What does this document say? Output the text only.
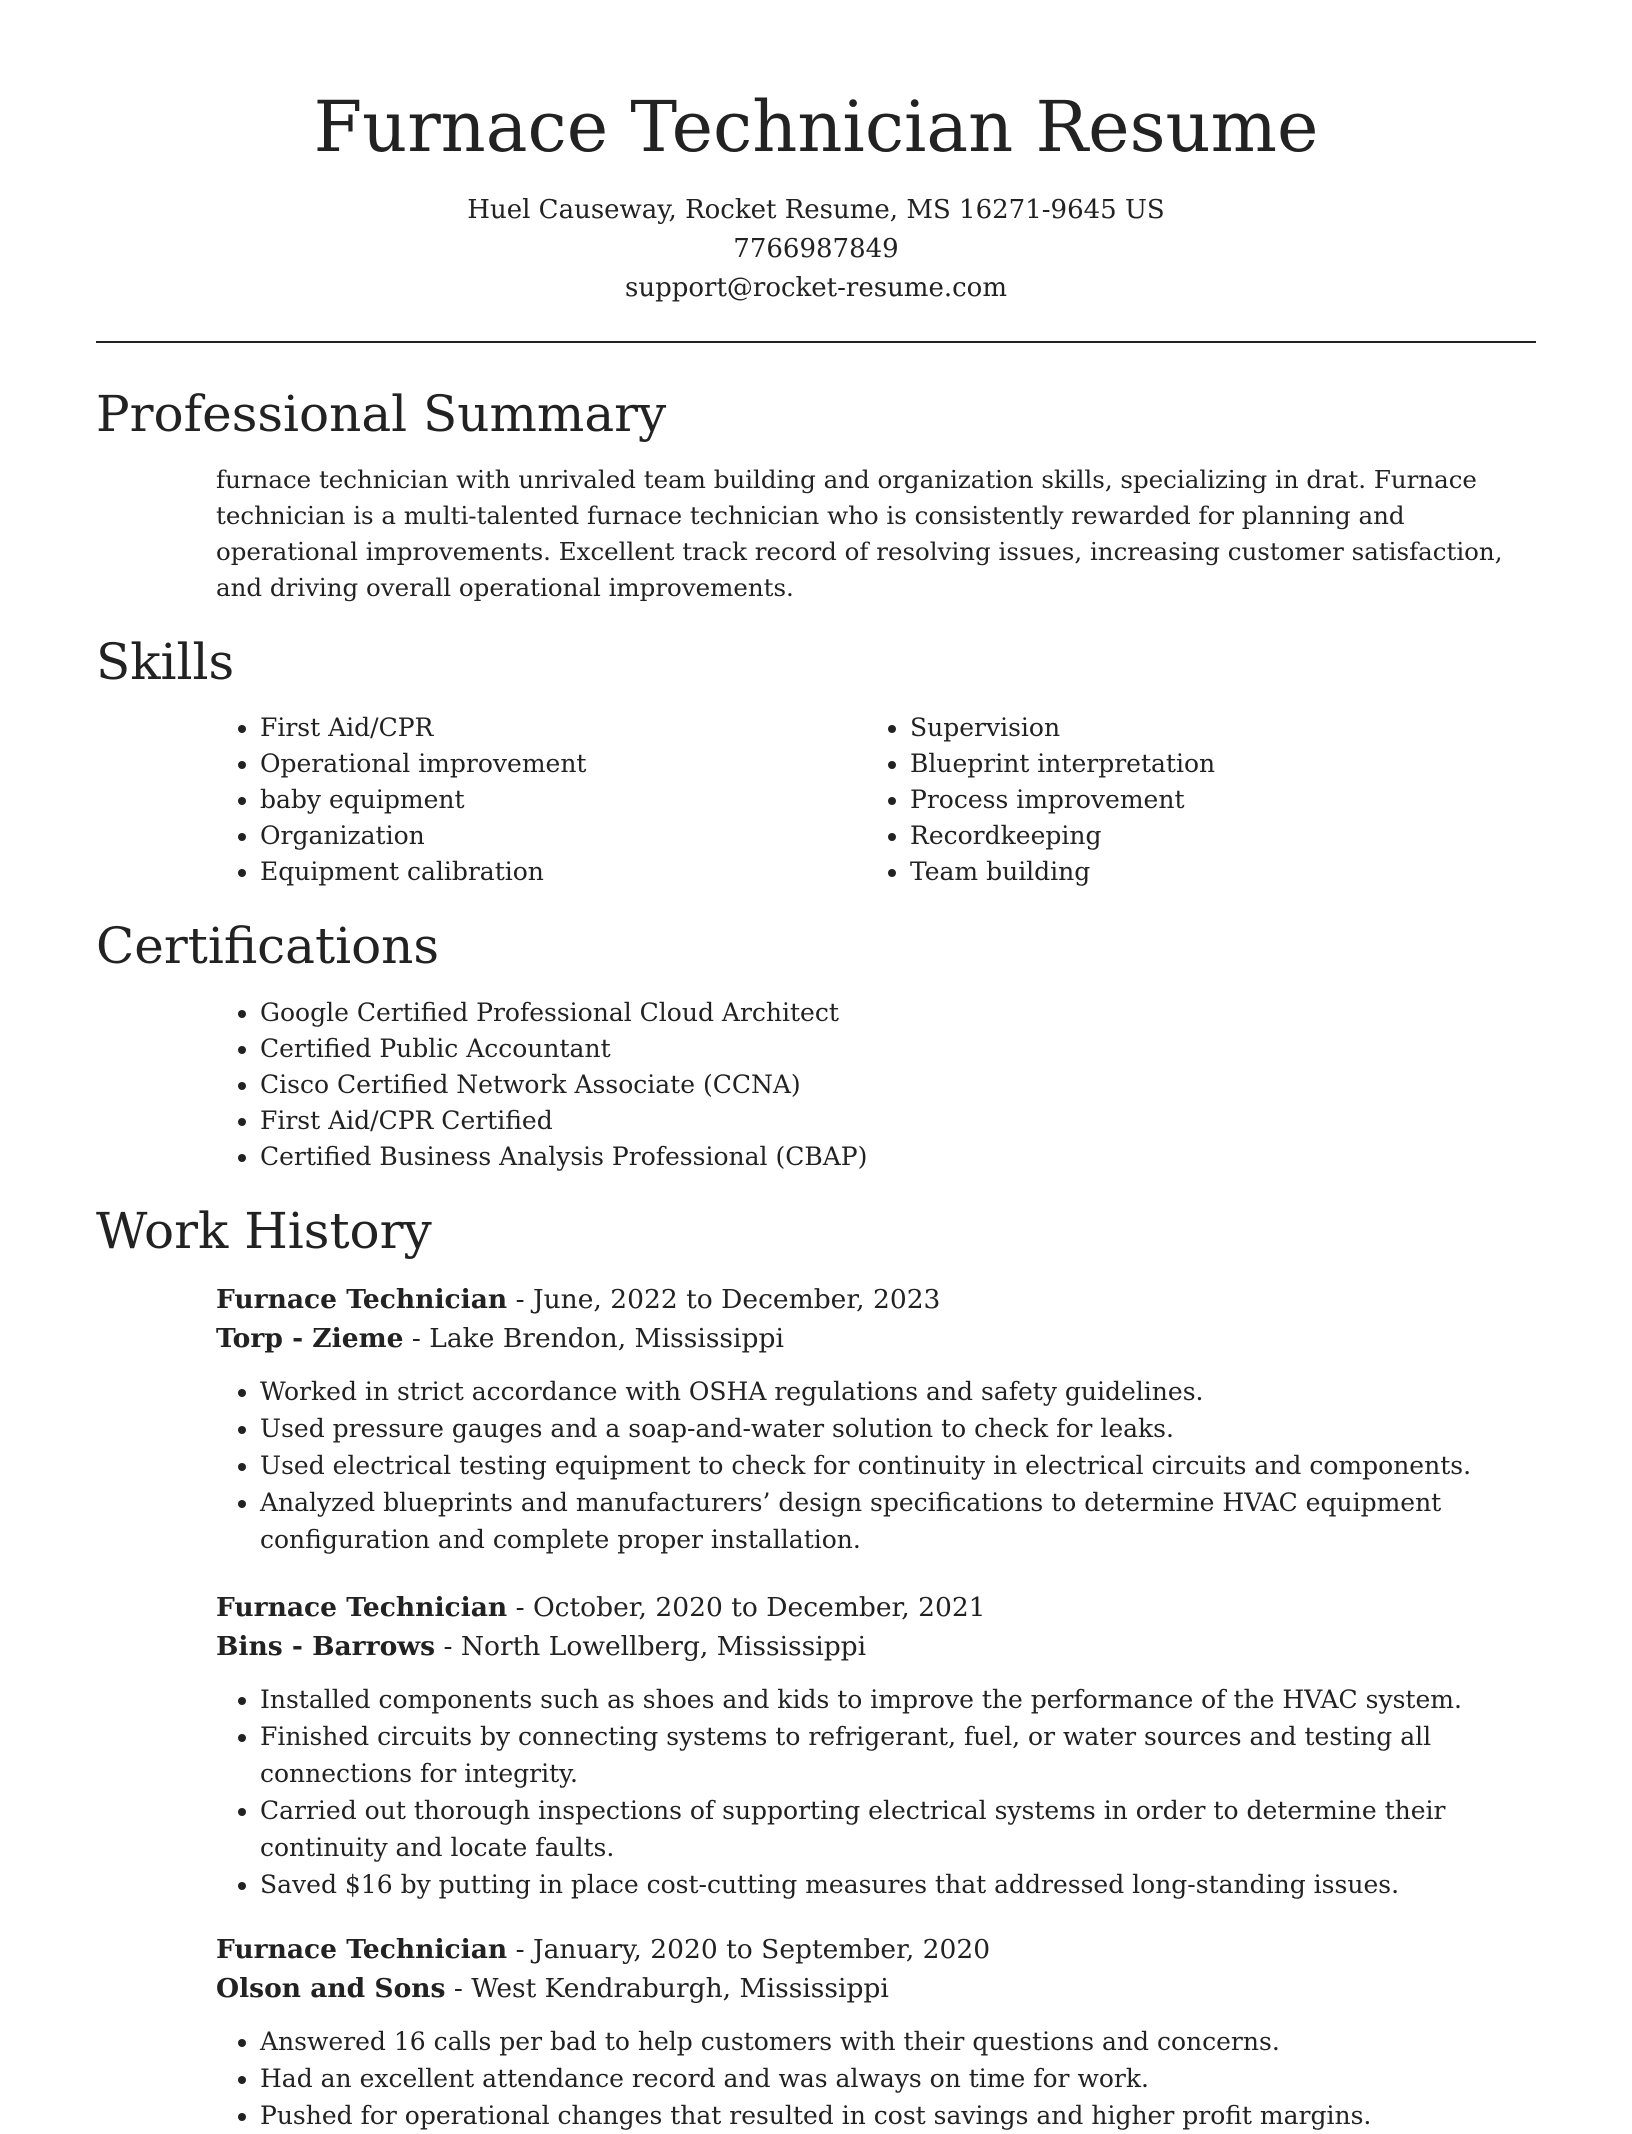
Furnace Technician Resume
Huel Causeway, Rocket Resume, MS 16271-9645 US
7766987849
support@rocket-resume.com
Professional Summary

furnace technician with unrivaled team building and organization skills, specializing in drat. Furnace technician is a multi-talented furnace technician who is consistently rewarded for planning and operational improvements. Excellent track record of resolving issues, increasing customer satisfaction, and driving overall operational improvements.

Skills
• First Aid/CPR
• Operational improvement
• baby equipment
• Organization
• Equipment calibration
• Supervision
• Blueprint interpretation
• Process improvement
• Recordkeeping
• Team building
Certifications
• Google Certified Professional Cloud Architect
• Certified Public Accountant
• Cisco Certified Network Associate (CCNA)
• First Aid/CPR Certified
• Certified Business Analysis Professional (CBAP)
Work History
Furnace Technician - June, 2022 to December, 2023
Torp - Zieme - Lake Brendon, Mississippi
• Worked in strict accordance with OSHA regulations and safety guidelines.
• Used pressure gauges and a soap-and-water solution to check for leaks.
• Used electrical testing equipment to check for continuity in electrical circuits and components.
• Analyzed blueprints and manufacturers’ design specifications to determine HVAC equipment configuration and complete proper installation.
Furnace Technician - October, 2020 to December, 2021
Bins - Barrows - North Lowellberg, Mississippi
• Installed components such as shoes and kids to improve the performance of the HVAC system.
• Finished circuits by connecting systems to refrigerant, fuel, or water sources and testing all connections for integrity.
• Carried out thorough inspections of supporting electrical systems in order to determine their continuity and locate faults.
• Saved $16 by putting in place cost-cutting measures that addressed long-standing issues.
Furnace Technician - January, 2020 to September, 2020
Olson and Sons - West Kendraburgh, Mississippi
• Answered 16 calls per bad to help customers with their questions and concerns.
• Had an excellent attendance record and was always on time for work.
• Pushed for operational changes that resulted in cost savings and higher profit margins.
